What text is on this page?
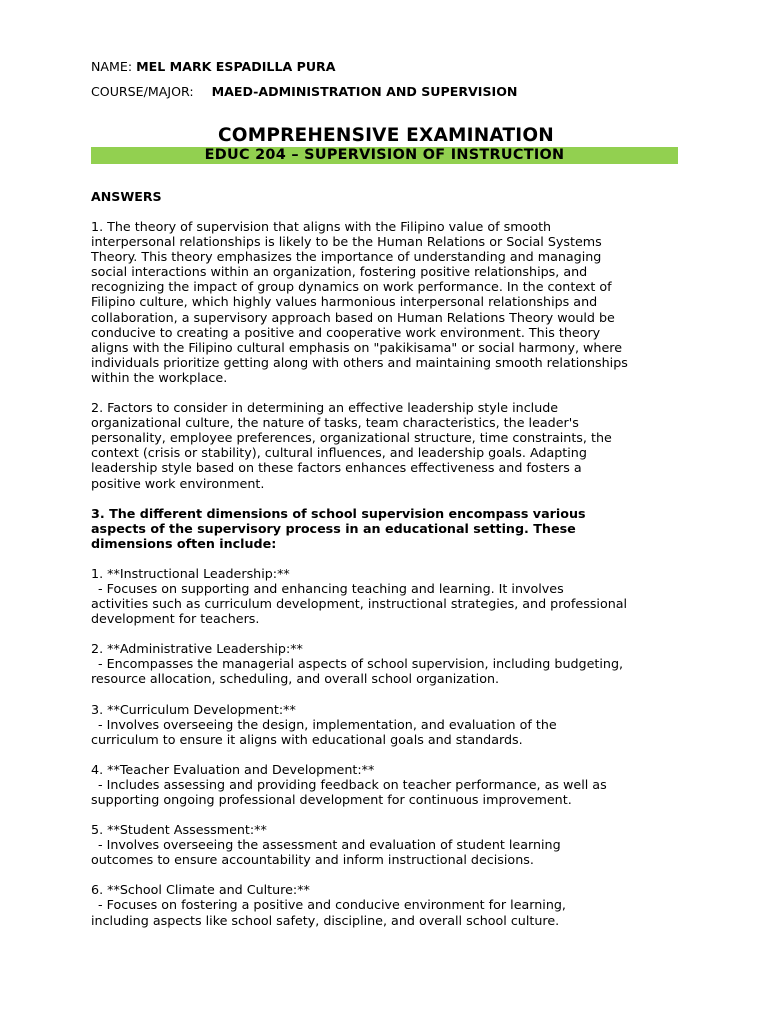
NAME: MEL MARK ESPADILLA PURA
COURSE/MAJOR: MAED-ADMINISTRATION AND SUPERVISION
COMPREHENSIVE EXAMINATION
EDUC 204 – SUPERVISION OF INSTRUCTION
ANSWERS

1. The theory of supervision that aligns with the Filipino value of smooth

interpersonal relationships is likely to be the Human Relations or Social Systems

Theory. This theory emphasizes the importance of understanding and managing

social interactions within an organization, fostering positive relationships, and

recognizing the impact of group dynamics on work performance. In the context of

Filipino culture, which highly values harmonious interpersonal relationships and

collaboration, a supervisory approach based on Human Relations Theory would be

conducive to creating a positive and cooperative work environment. This theory

aligns with the Filipino cultural emphasis on "pakikisama" or social harmony, where

individuals prioritize getting along with others and maintaining smooth relationships

within the workplace.

2. Factors to consider in determining an effective leadership style include

organizational culture, the nature of tasks, team characteristics, the leader's

personality, employee preferences, organizational structure, time constraints, the

context (crisis or stability), cultural influences, and leadership goals. Adapting

leadership style based on these factors enhances effectiveness and fosters a

positive work environment.

3. The different dimensions of school supervision encompass various

aspects of the supervisory process in an educational setting. These

dimensions often include:

1. **Instructional Leadership:**

- Focuses on supporting and enhancing teaching and learning. It involves

activities such as curriculum development, instructional strategies, and professional

development for teachers.

2. **Administrative Leadership:**

- Encompasses the managerial aspects of school supervision, including budgeting,

resource allocation, scheduling, and overall school organization.

3. **Curriculum Development:**

- Involves overseeing the design, implementation, and evaluation of the

curriculum to ensure it aligns with educational goals and standards.

4. **Teacher Evaluation and Development:**

- Includes assessing and providing feedback on teacher performance, as well as

supporting ongoing professional development for continuous improvement.

5. **Student Assessment:**

- Involves overseeing the assessment and evaluation of student learning

outcomes to ensure accountability and inform instructional decisions.

6. **School Climate and Culture:**

- Focuses on fostering a positive and conducive environment for learning,

including aspects like school safety, discipline, and overall school culture.
